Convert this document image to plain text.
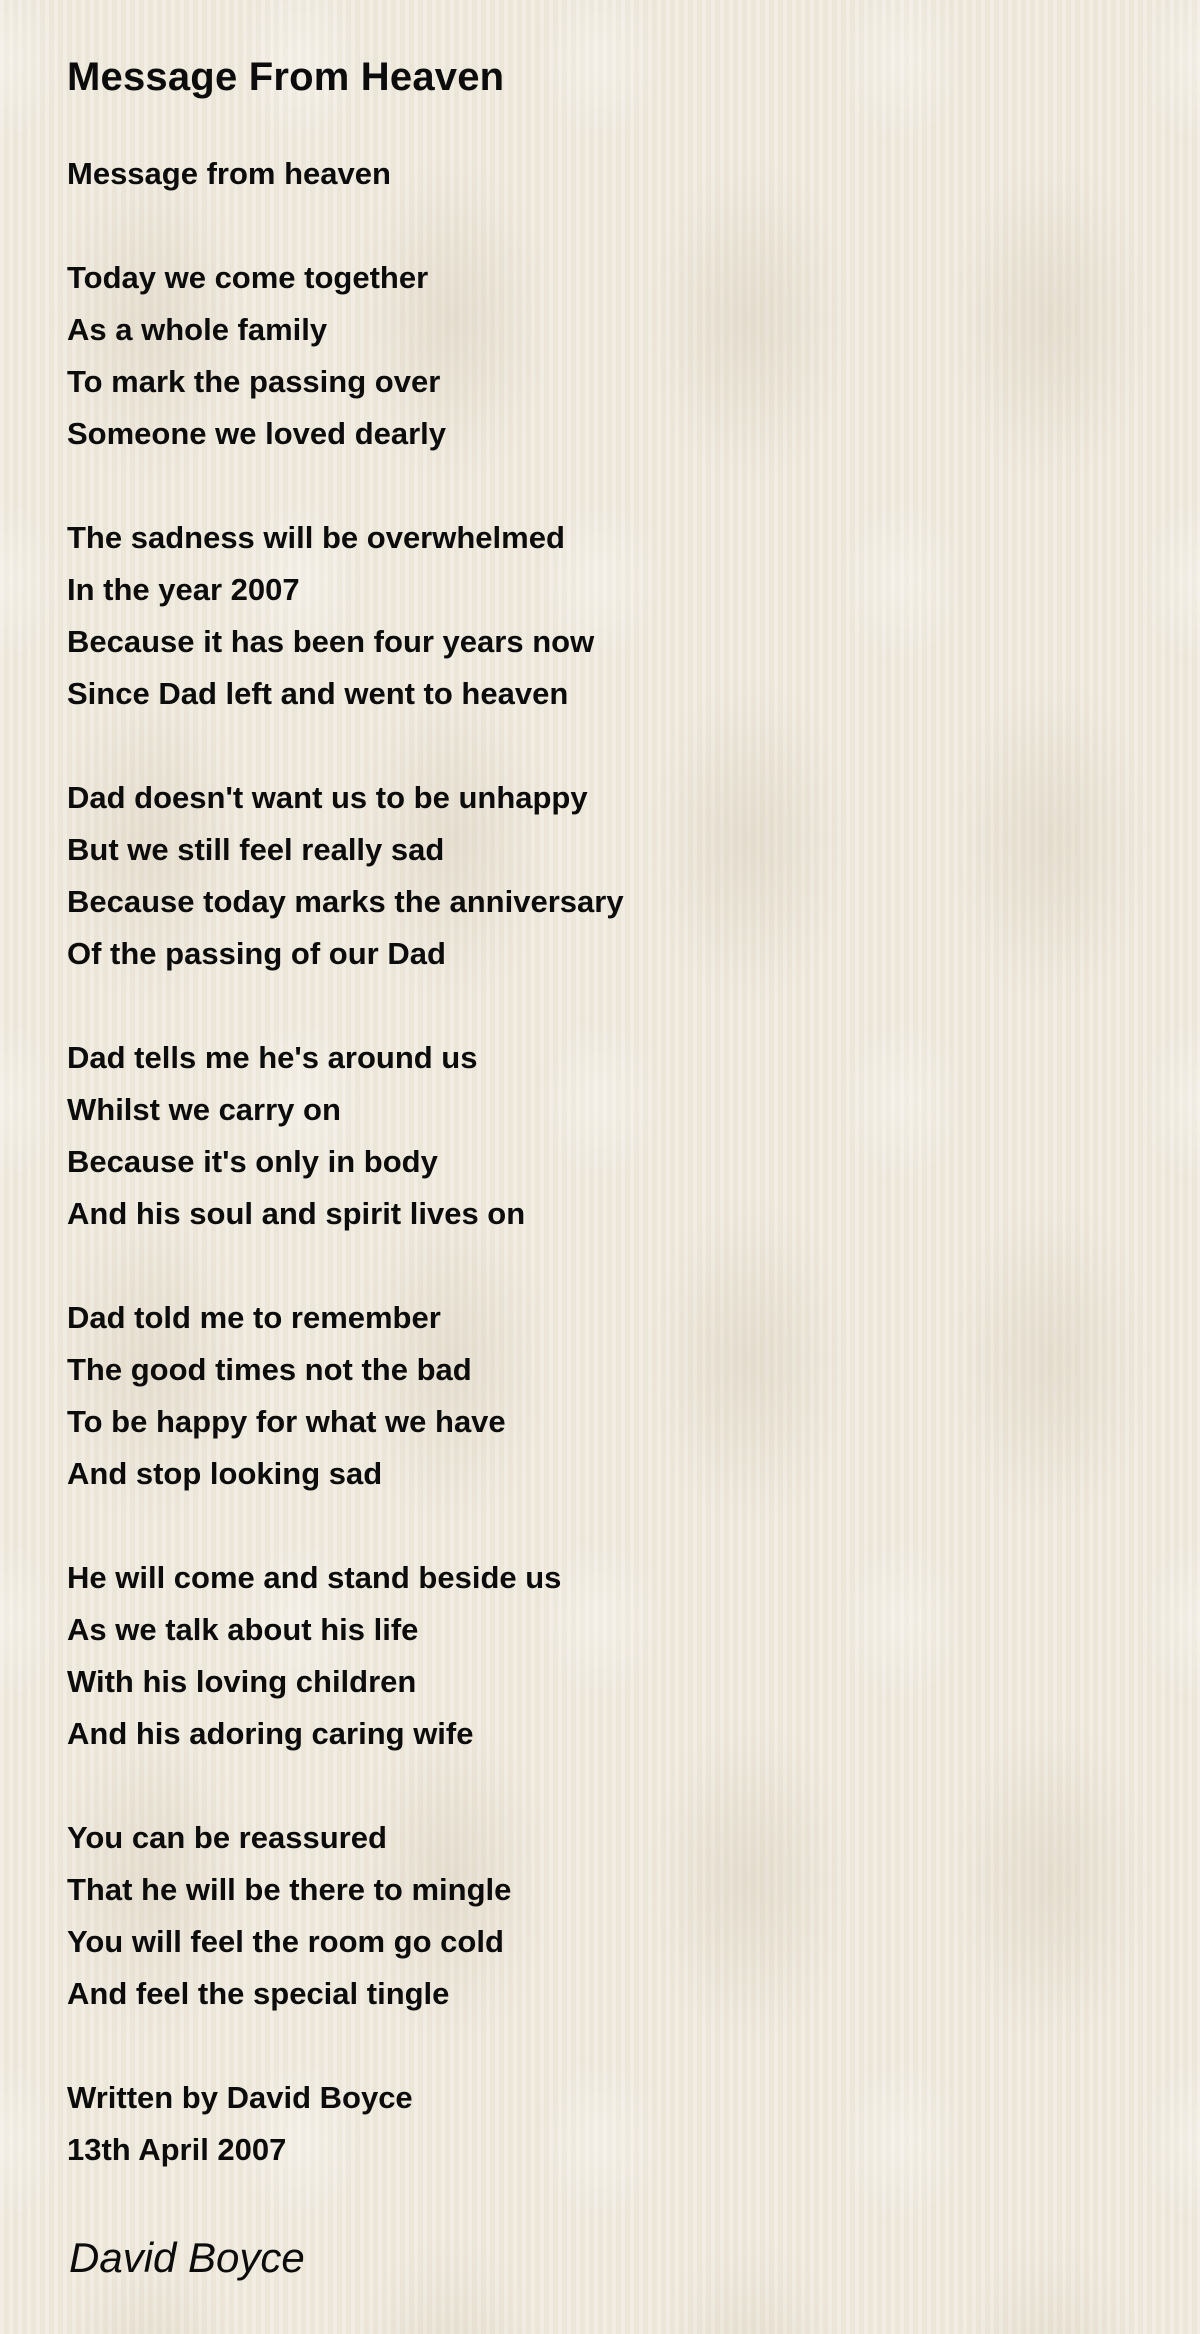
Message From Heaven
Message from heaven
Today we come together
As a whole family
To mark the passing over
Someone we loved dearly
The sadness will be overwhelmed
In the year 2007
Because it has been four years now
Since Dad left and went to heaven
Dad doesn't want us to be unhappy
But we still feel really sad
Because today marks the anniversary
Of the passing of our Dad
Dad tells me he's around us
Whilst we carry on
Because it's only in body
And his soul and spirit lives on
Dad told me to remember
The good times not the bad
To be happy for what we have
And stop looking sad
He will come and stand beside us
As we talk about his life
With his loving children
And his adoring caring wife
You can be reassured
That he will be there to mingle
You will feel the room go cold
And feel the special tingle
Written by David Boyce
13th April 2007
David Boyce
